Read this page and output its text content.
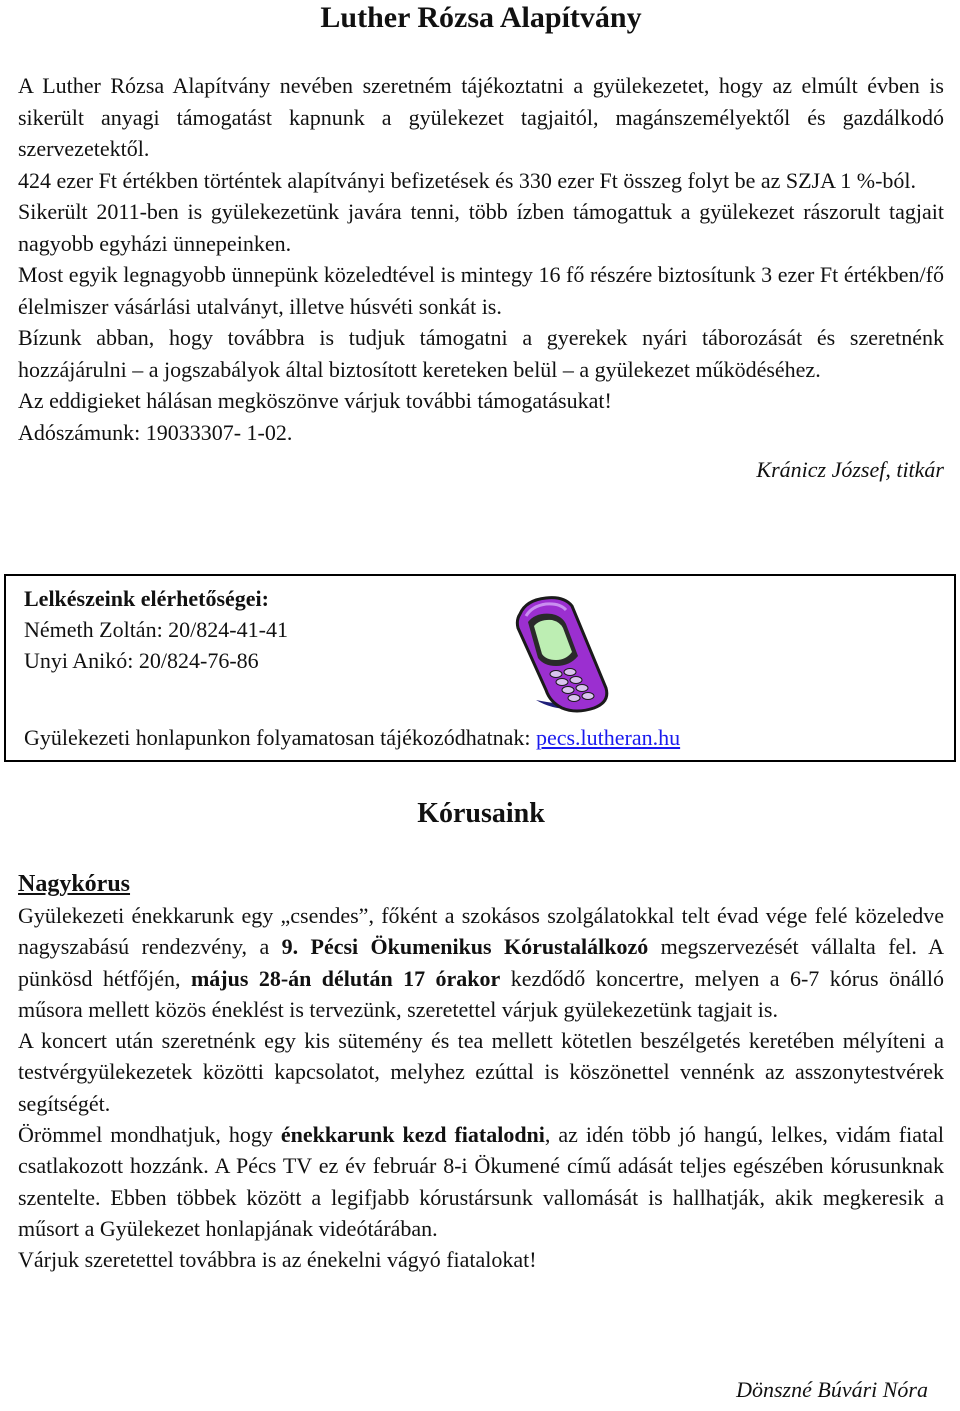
Luther Rózsa Alapítvány

A Luther Rózsa Alapítvány nevében szeretném tájékoztatni a gyülekezetet, hogy az elmúlt évben is sikerült anyagi támogatást kapnunk a gyülekezet tagjaitól, magánszemélyektől és gazdálkodó szervezetektől.

424 ezer Ft értékben történtek alapítványi befizetések és 330 ezer Ft összeg folyt be az SZJA 1 %-ból.

Sikerült 2011-ben is gyülekezetünk javára tenni, több ízben támogattuk a gyülekezet rászorult tagjait nagyobb egyházi ünnepeinken.

Most egyik legnagyobb ünnepünk közeledtével is mintegy 16 fő részére biztosítunk 3 ezer Ft értékben/fő élelmiszer vásárlási utalványt, illetve húsvéti sonkát is.

Bízunk abban, hogy továbbra is tudjuk támogatni a gyerekek nyári táborozását és szeretnénk hozzájárulni – a jogszabályok által biztosított kereteken belül – a gyülekezet működéséhez.

Az eddigieket hálásan megköszönve várjuk további támogatásukat!

Adószámunk: 19033307- 1-02.

Kránicz József, titkár
Kórusaink
Nagykórus

Gyülekezeti énekkarunk egy „csendes”, főként a szokásos szolgálatokkal telt évad vége felé közeledve nagyszabású rendezvény, a 9. Pécsi Ökumenikus Kórustalálkozó megszervezését vállalta fel. A pünkösd hétfőjén, május 28-án délután 17 órakor kezdődő koncertre, melyen a 6-7 kórus önálló műsora mellett közös éneklést is tervezünk, szeretettel várjuk gyülekezetünk tagjait is.

A koncert után szeretnénk egy kis sütemény és tea mellett kötetlen beszélgetés keretében mélyíteni a testvérgyülekezetek közötti kapcsolatot, melyhez ezúttal is köszönettel vennénk az asszonytestvérek segítségét.

Örömmel mondhatjuk, hogy énekkarunk kezd fiatalodni, az idén több jó hangú, lelkes, vidám fiatal csatlakozott hozzánk. A Pécs TV ez év február 8-i Ökumené című adását teljes egészében kórusunknak szentelte. Ebben többek között a legifjabb kórustársunk vallomását is hallhatják, akik megkeresik a műsort a Gyülekezet honlapjának videótárában.

Várjuk szeretettel továbbra is az énekelni vágyó fiatalokat!

Dönszné Búvári Nóra
Lelkészeink elérhetőségei:
Németh Zoltán: 20/824-41-41
Unyi Anikó: 20/824-76-86
Gyülekezeti honlapunkon folyamatosan tájékozódhatnak: pecs.lutheran.hu
